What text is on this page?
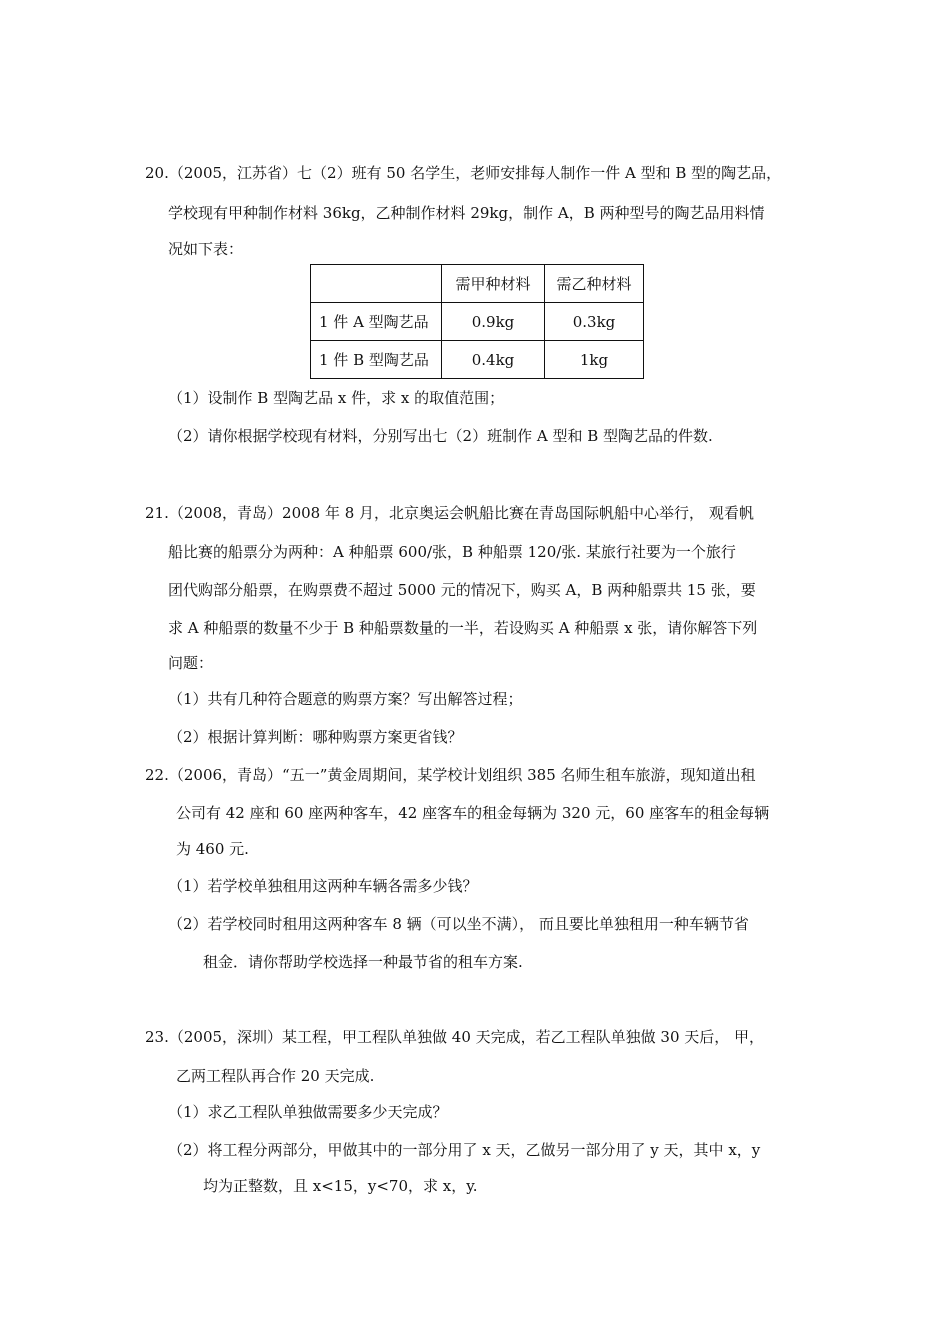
20.（2005，江苏省）七（2）班有 50 名学生，老师安排每人制作一件 A 型和 B 型的陶艺品，
学校现有甲种制作材料 36kg，乙种制作材料 29kg，制作 A，B 两种型号的陶艺品用料情
况如下表：
	需甲种材料	需乙种材料
1 件 A 型陶艺品	0.9kg	0.3kg
1 件 B 型陶艺品	0.4kg	1kg
（1）设制作 B 型陶艺品 x 件，求 x 的取值范围；
（2）请你根据学校现有材料，分别写出七（2）班制作 A 型和 B 型陶艺品的件数.
21.（2008，青岛）2008 年 8 月，北京奥运会帆船比赛在青岛国际帆船中心举行， 观看帆
船比赛的船票分为两种：A 种船票 600/张，B 种船票 120/张. 某旅行社要为一个旅行
团代购部分船票，在购票费不超过 5000 元的情况下，购买 A，B 两种船票共 15 张，要
求 A 种船票的数量不少于 B 种船票数量的一半，若设购买 A 种船票 x 张，请你解答下列
问题：
（1）共有几种符合题意的购票方案？写出解答过程；
（2）根据计算判断：哪种购票方案更省钱？
22.（2006，青岛）“五一”黄金周期间，某学校计划组织 385 名师生租车旅游，现知道出租
公司有 42 座和 60 座两种客车，42 座客车的租金每辆为 320 元，60 座客车的租金每辆
为 460 元.
（1）若学校单独租用这两种车辆各需多少钱？
（2）若学校同时租用这两种客车 8 辆（可以坐不满）， 而且要比单独租用一种车辆节省
租金．请你帮助学校选择一种最节省的租车方案.
23.（2005，深圳）某工程，甲工程队单独做 40 天完成，若乙工程队单独做 30 天后， 甲，
乙两工程队再合作 20 天完成.
（1）求乙工程队单独做需要多少天完成？
（2）将工程分两部分，甲做其中的一部分用了 x 天，乙做另一部分用了 y 天，其中 x，y
均为正整数，且 x<15，y<70，求 x，y.
